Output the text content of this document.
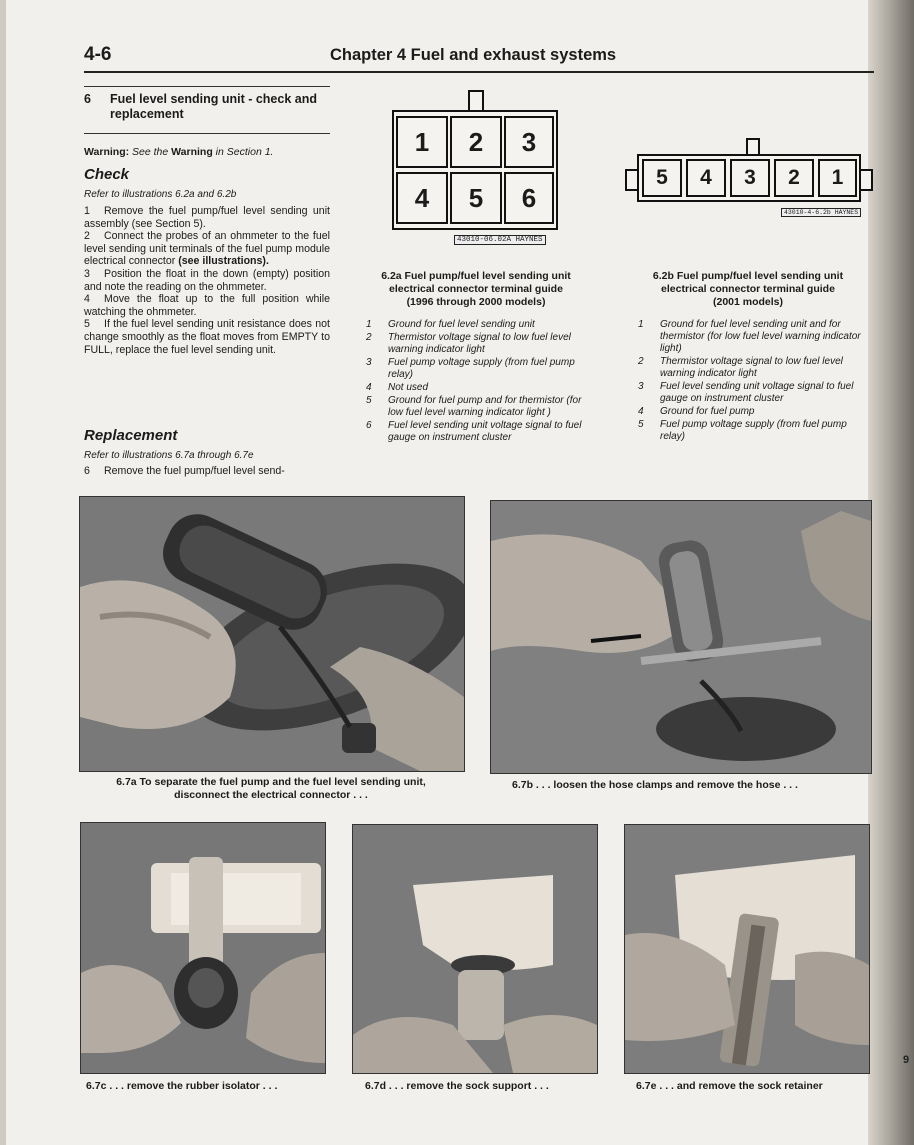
4-6	Chapter 4 Fuel and exhaust systems
6 Fuel level sending unit - check and replacement
Warning: See the Warning in Section 1.
Check
Refer to illustrations 6.2a and 6.2b

1 Remove the fuel pump/fuel level sending unit assembly (see Section 5).

2 Connect the probes of an ohmmeter to the fuel level sending unit terminals of the fuel pump module electrical connector (see illustrations).

3 Position the float in the down (empty) position and note the reading on the ohmmeter.

4 Move the float up to the full position while watching the ohmmeter.

5 If the fuel level sending unit resistance does not change smoothly as the float moves from EMPTY to FULL, replace the fuel level sending unit.

Replacement
Refer to illustrations 6.7a through 6.7e

6 Remove the fuel pump/fuel level send-

1	2	3
4	5	6
43010-06.02A HAYNES
6.2a Fuel pump/fuel level sending unit
electrical connector terminal guide
(1996 through 2000 models)
1	Ground for fuel level sending unit
2	Thermistor voltage signal to low fuel level warning indicator light
3	Fuel pump voltage supply (from fuel pump relay)
4	Not used
5	Ground for fuel pump and for thermistor (for low fuel level warning indicator light )
6	Fuel level sending unit voltage signal to fuel gauge on instrument cluster
5	4	3	2	1
43010-4-6.2b HAYNES
6.2b Fuel pump/fuel level sending unit
electrical connector terminal guide
(2001 models)
1	Ground for fuel level sending unit and for thermistor (for low fuel level warning indicator light)
2	Thermistor voltage signal to low fuel level warning indicator light
3	Fuel level sending unit voltage signal to fuel gauge on instrument cluster
4	Ground for fuel pump
5	Fuel pump voltage supply (from fuel pump relay)
6.7a To separate the fuel pump and the fuel level sending unit,
disconnect the electrical connector . . .
6.7b . . . loosen the hose clamps and remove the hose . . .
6.7c . . . remove the rubber isolator . . .	6.7d . . . remove the sock support . . .	6.7e . . . and remove the sock retainer
9
